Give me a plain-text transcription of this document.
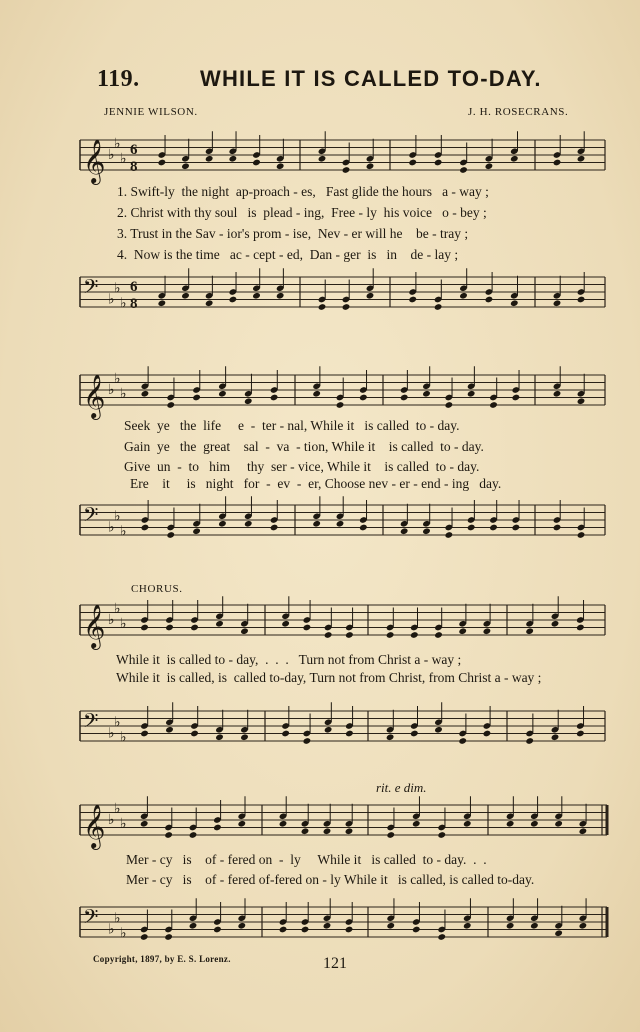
119.	WHILE IT IS CALLED TO-DAY.
JENNIE WILSON.	J. H. ROSECRANS.
𝄞 ♭
♭
♭
6
8
1. Swift-ly  the night  ap-proach - es,   Fast glide the hours   a - way ;
2. Christ with thy soul   is  plead - ing,  Free - ly  his voice   o - bey ;
3. Trust in the Sav - ior's prom - ise,  Nev - er will he    be - tray ;
4.  Now is the time   ac - cept - ed,  Dan - ger  is   in    de - lay ;
𝄢 ♭
♭
♭
6
8
𝄞 ♭
♭
♭
Seek  ye   the  life     e  -  ter - nal, While it   is called  to - day.
Gain  ye   the  great    sal  -  va  - tion, While it    is called  to - day.
Give  un  -  to   him     thy  ser - vice, While it    is called  to - day.
Ere    it     is   night   for  -  ev  -  er, Choose nev - er - end - ing   day.
𝄢 ♭
♭
♭
CHORUS.
𝄞 ♭
♭
♭
While it  is called to - day,  .  .  .   Turn not from Christ a - way ;
While it  is called, is  called to-day, Turn not from Christ, from Christ a - way ;
𝄢 ♭
♭
♭
rit. e dim.
𝄞 ♭
♭
♭
Mer - cy   is    of - fered on  -  ly     While it   is called  to - day.  .  .
Mer - cy   is    of - fered of-fered on - ly While it   is called, is called to-day.
𝄢 ♭
♭
♭
Copyright, 1897, by E. S. Lorenz.	121
